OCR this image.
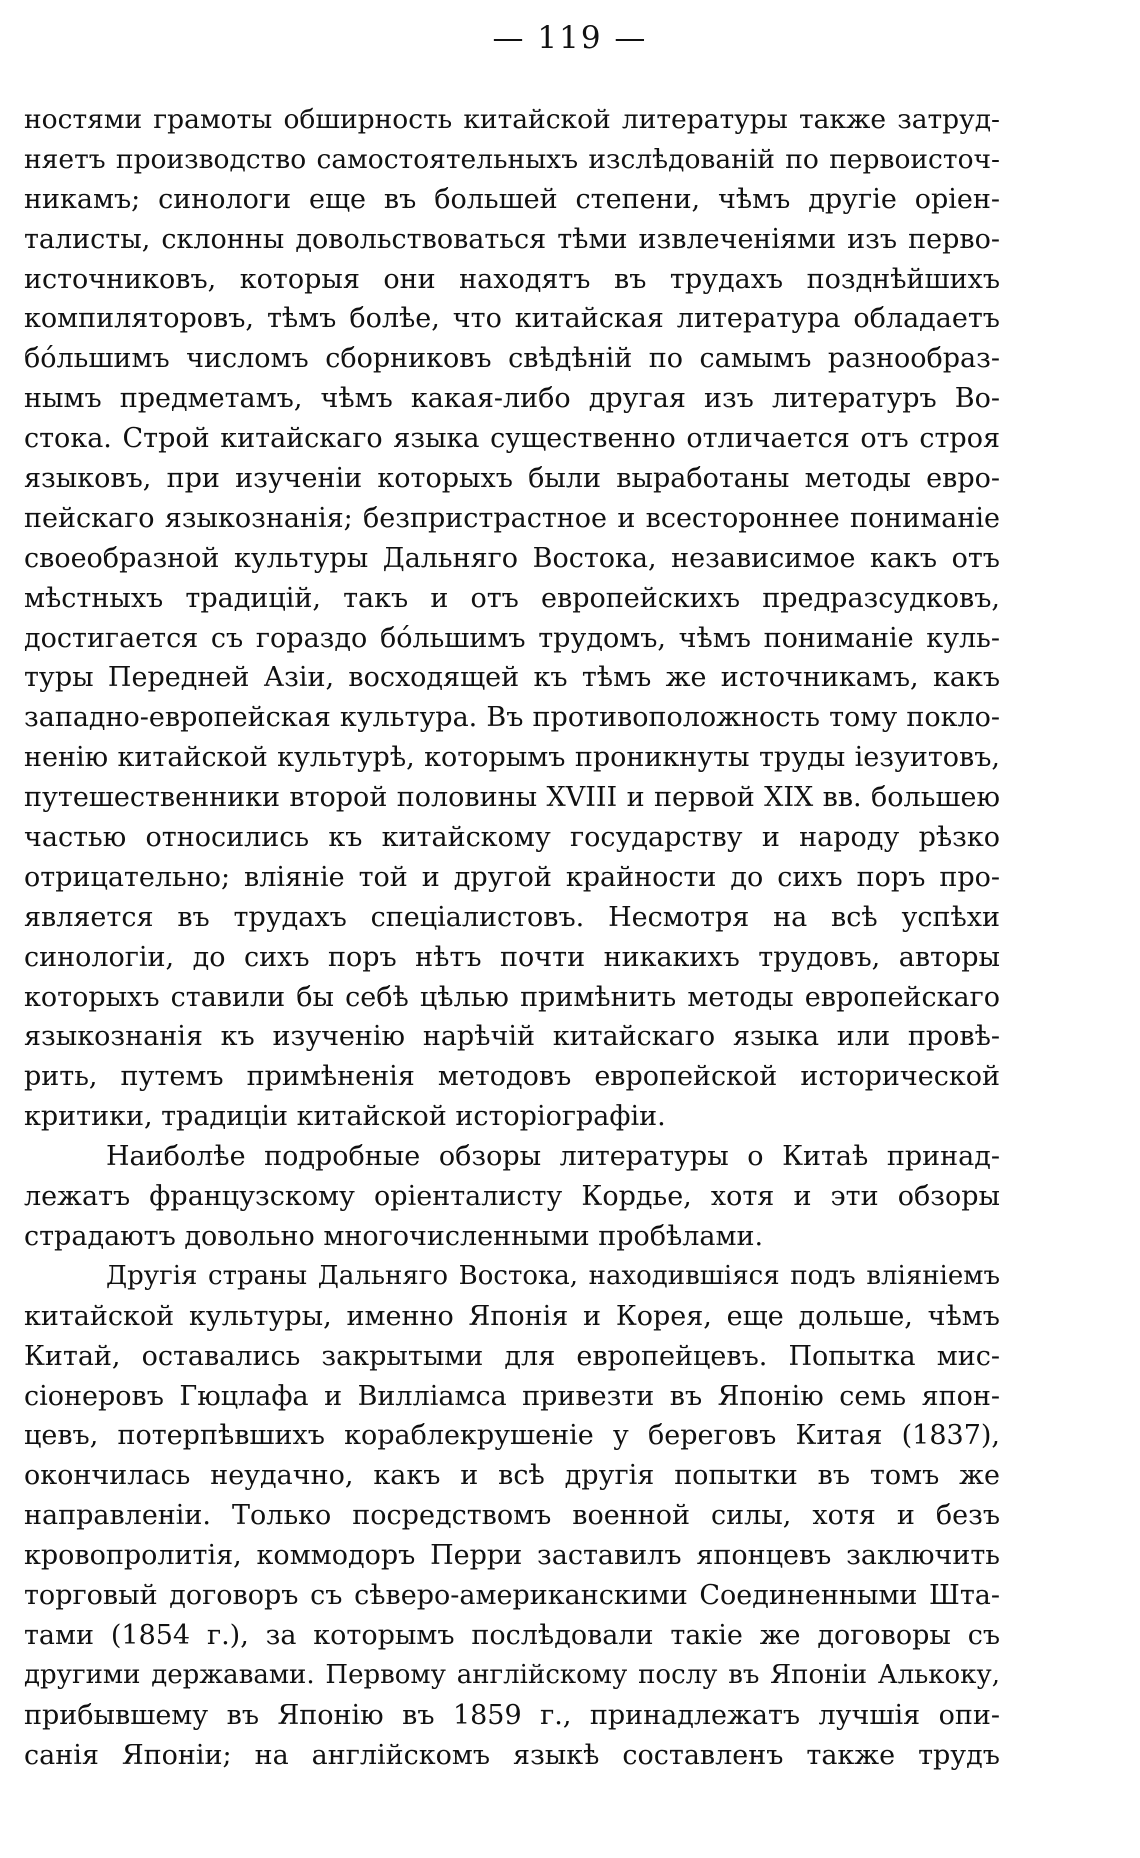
— 119 —
ностями грамоты обширность китайской литературы также затруд-
няетъ производство самостоятельныхъ изслѣдованій по первоисточ-
никамъ; синологи еще въ большей степени, чѣмъ другіе оріен-
талисты, склонны довольствоваться тѣми извлеченіями изъ перво-
источниковъ, которыя они находятъ въ трудахъ позднѣйшихъ
компиляторовъ, тѣмъ болѣе, что китайская литература обладаетъ
бо́льшимъ числомъ сборниковъ свѣдѣній по самымъ разнообраз-
нымъ предметамъ, чѣмъ какая-либо другая изъ литературъ Во-
стока. Строй китайскаго языка существенно отличается отъ строя
языковъ, при изученіи которыхъ были выработаны методы евро-
пейскаго языкознанія; безпристрастное и всестороннее пониманіе
своеобразной культуры Дальняго Востока, независимое какъ отъ
мѣстныхъ традицій, такъ и отъ европейскихъ предразсудковъ,
достигается съ гораздо бо́льшимъ трудомъ, чѣмъ пониманіе куль-
туры Передней Азіи, восходящей къ тѣмъ же источникамъ, какъ
западно-европейская культура. Въ противоположность тому покло-
ненію китайской культурѣ, которымъ проникнуты труды іезуитовъ,
путешественники второй половины XVIII и первой XIX вв. большею
частью относились къ китайскому государству и народу рѣзко
отрицательно; вліяніе той и другой крайности до сихъ поръ про-
является въ трудахъ спеціалистовъ. Несмотря на всѣ успѣхи
синологіи, до сихъ поръ нѣтъ почти никакихъ трудовъ, авторы
которыхъ ставили бы себѣ цѣлью примѣнить методы европейскаго
языкознанія къ изученію нарѣчій китайскаго языка или провѣ-
рить, путемъ примѣненія методовъ европейской исторической
критики, традиціи китайской исторіографіи.
Наиболѣе подробные обзоры литературы о Китаѣ принад-
лежатъ французскому оріенталисту Кордье, хотя и эти обзоры
страдаютъ довольно многочисленными пробѣлами.
Другія страны Дальняго Востока, находившіяся подъ вліяніемъ
китайской культуры, именно Японія и Корея, еще дольше, чѣмъ
Китай, оставались закрытыми для европейцевъ. Попытка мис-
сіонеровъ Гюцлафа и Вилліамса привезти въ Японію семь япон-
цевъ, потерпѣвшихъ кораблекрушеніе у береговъ Китая (1837),
окончилась неудачно, какъ и всѣ другія попытки въ томъ же
направленіи. Только посредствомъ военной силы, хотя и безъ
кровопролитія, коммодоръ Перри заставилъ японцевъ заключить
торговый договоръ съ сѣверо-американскими Соединенными Шта-
тами (1854 г.), за которымъ послѣдовали такіе же договоры съ
другими державами. Первому англійскому послу въ Японіи Алькоку,
прибывшему въ Японію въ 1859 г., принадлежатъ лучшія опи-
санія Японіи; на англійскомъ языкѣ составленъ также трудъ
